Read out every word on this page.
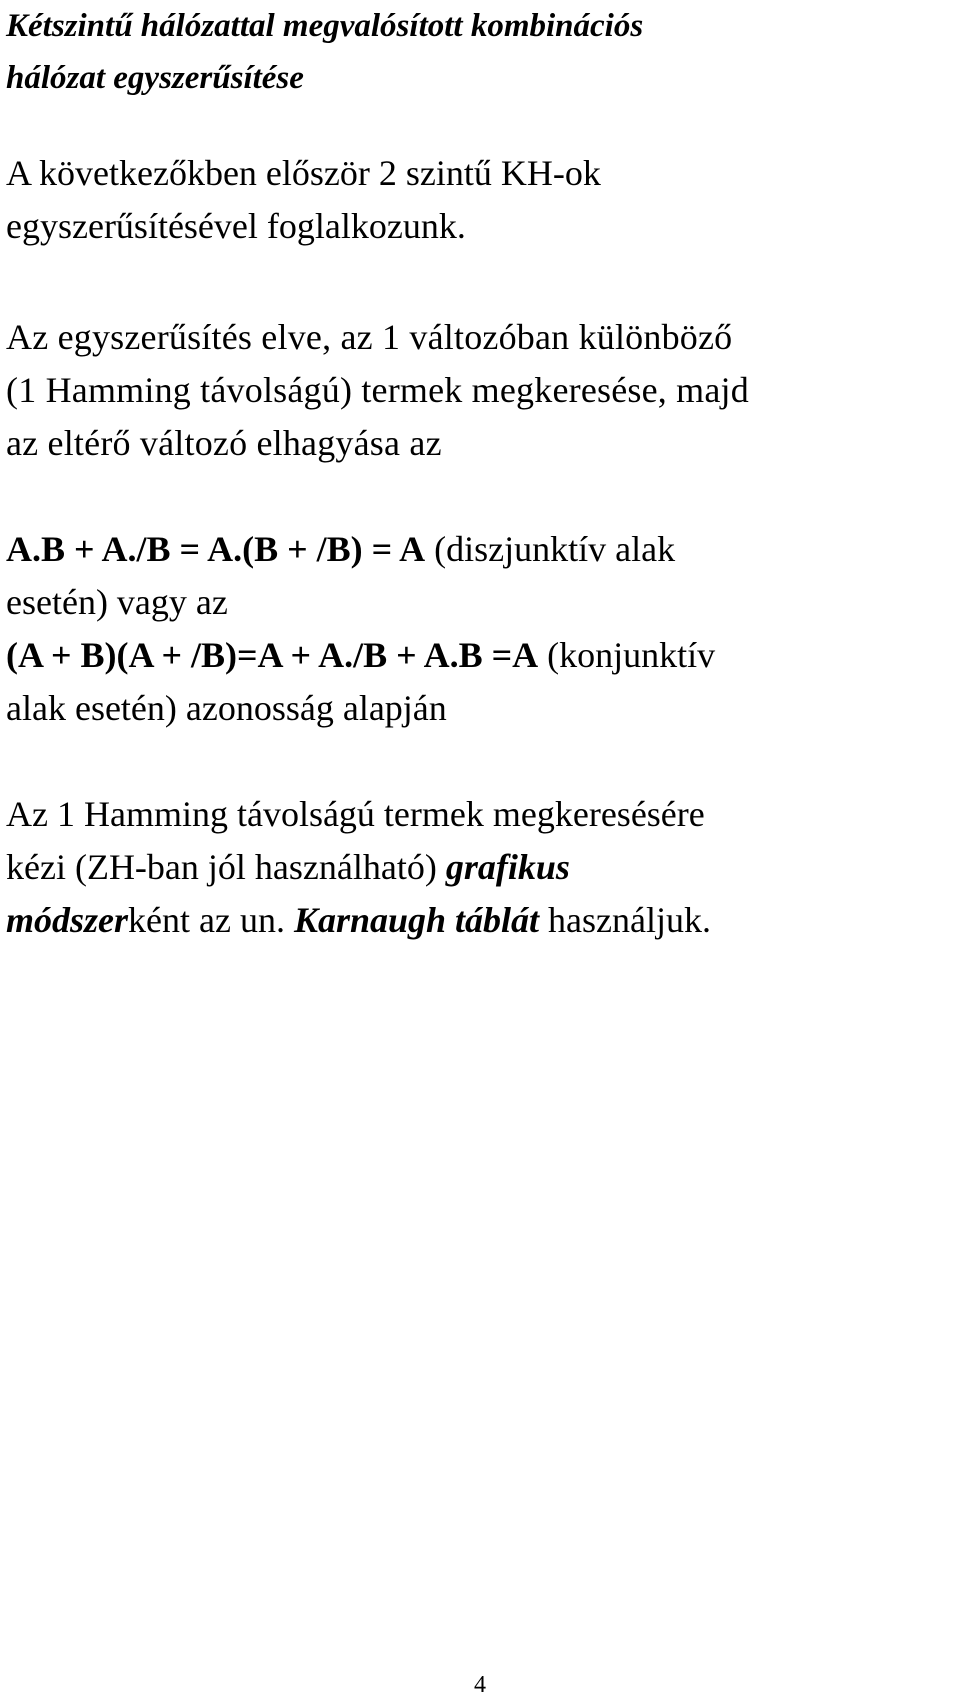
Kétszintű hálózattal megvalósított kombinációs
hálózat egyszerűsítése

A következőkben először 2 szintű KH-ok
egyszerűsítésével foglalkozunk.

Az egyszerűsítés elve, az 1 változóban különböző
(1 Hamming távolságú) termek megkeresése, majd
az eltérő változó elhagyása az

A.B + A./B = A.(B + /B) = A (diszjunktív alak
esetén) vagy az
(A + B)(A + /B)=A + A./B + A.B =A (konjunktív
alak esetén) azonosság alapján

Az 1 Hamming távolságú termek megkeresésére
kézi (ZH-ban jól használható) grafikus
módszerként az un. Karnaugh táblát használjuk.

4
